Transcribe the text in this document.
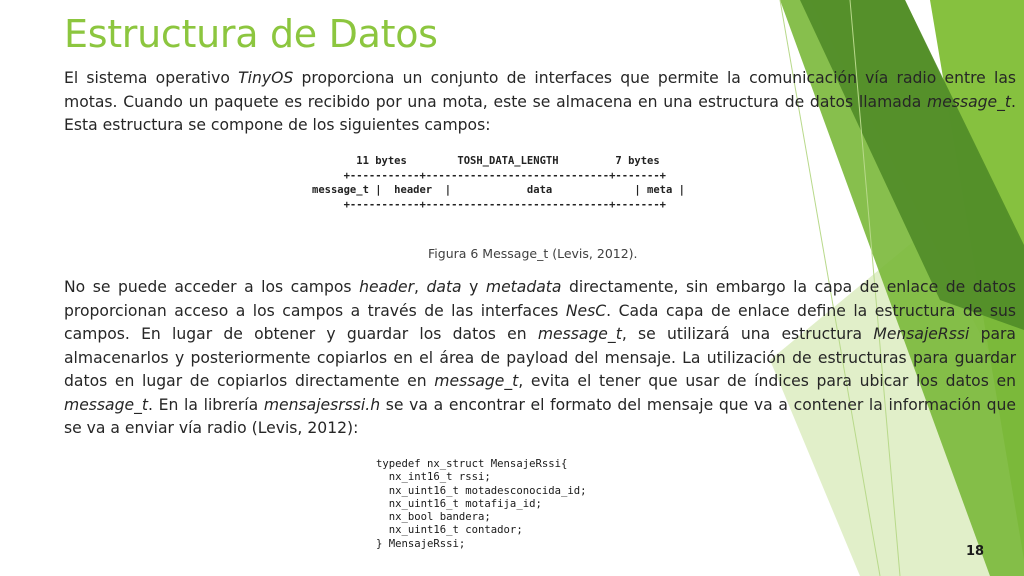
Estructura de Datos

El sistema operativo TinyOS proporciona un conjunto de interfaces que permite la comunicación vía radio entre las motas. Cuando un paquete es recibido por una mota, este se almacena en una estructura de datos llamada message_t. Esta estructura se compone de los siguientes campos:

11 bytes        TOSH_DATA_LENGTH         7 bytes
+-----------+-----------------------------+-------+
message_t |  header  |            data             | meta |
+-----------+-----------------------------+-------+
Figura 6 Message_t (Levis, 2012).

No se puede acceder a los campos header, data y metadata directamente, sin embargo la capa de enlace de datos proporcionan acceso a los campos a través de las interfaces NesC. Cada capa de enlace define la estructura de sus campos. En lugar de obtener y guardar los datos en message_t, se utilizará una estructura MensajeRssi para almacenarlos y posteriormente copiarlos en el área de payload del mensaje. La utilización de estructuras para guardar datos en lugar de copiarlos directamente en message_t, evita el tener que usar de índices para ubicar los datos en message_t. En la librería mensajesrssi.h se va a encontrar el formato del mensaje que va a contener la información que se va a enviar vía radio (Levis, 2012):

typedef nx_struct MensajeRssi{
nx_int16_t rssi;
nx_uint16_t motadesconocida_id;
nx_uint16_t motafija_id;
nx_bool bandera;
nx_uint16_t contador;
} MensajeRssi;
18
